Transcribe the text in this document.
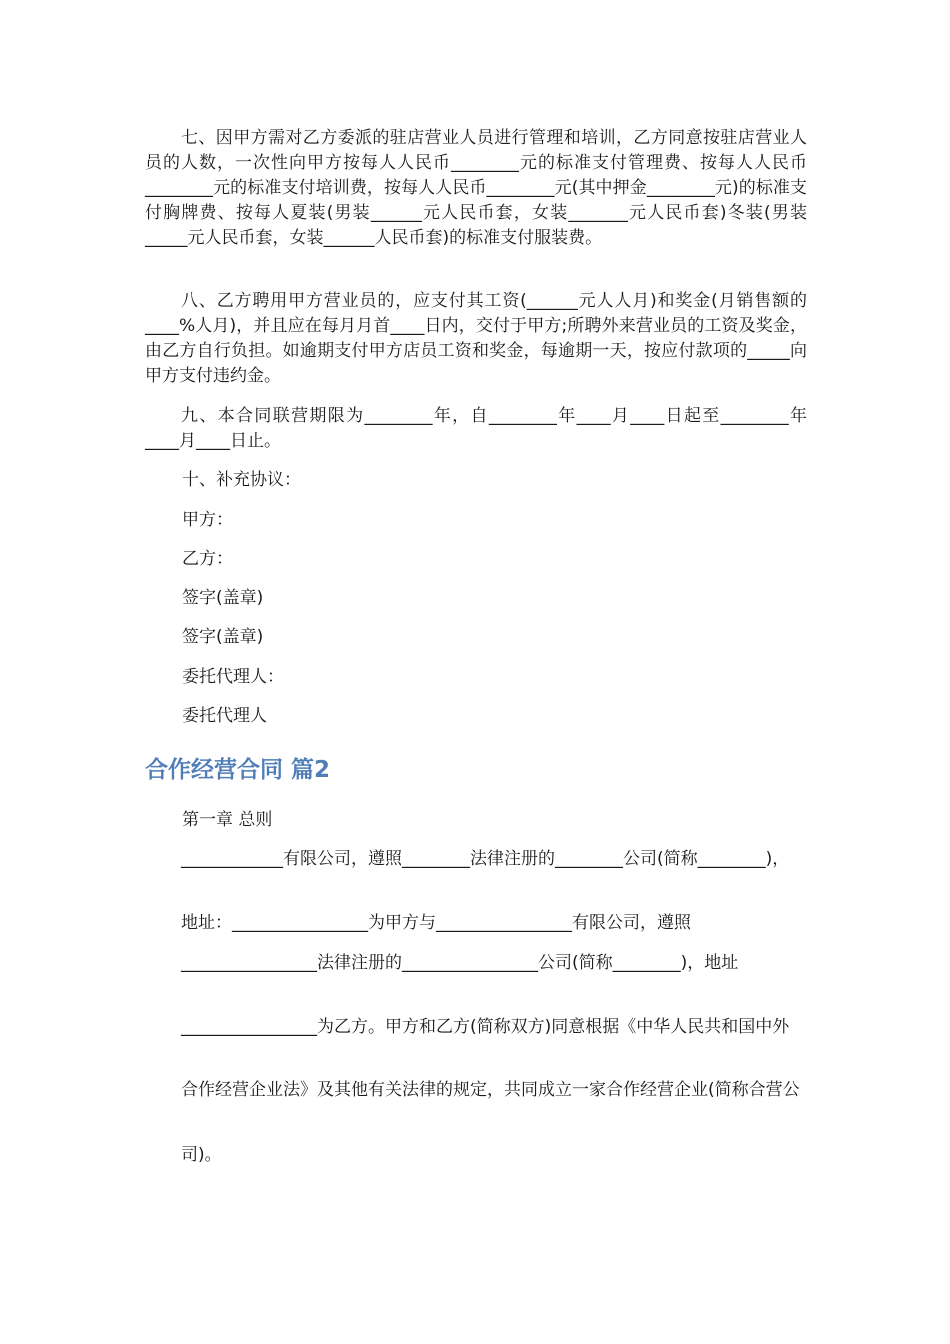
七、因甲方需对乙方委派的驻店营业人员进行管理和培训，乙方同意按驻店营业人员的人数，一次性向甲方按每人人民币________元的标准支付管理费、按每人人民币________元的标准支付培训费，按每人人民币________元(其中押金________元)的标准支付胸牌费、按每人夏装(男装______元人民币套，女装_______元人民币套)冬装(男装_____元人民币套，女装______人民币套)的标准支付服装费。

八、乙方聘用甲方营业员的，应支付其工资(______元人人月)和奖金(月销售额的____%人月)，并且应在每月月首____日内，交付于甲方;所聘外来营业员的工资及奖金，由乙方自行负担。如逾期支付甲方店员工资和奖金，每逾期一天，按应付款项的_____向甲方支付违约金。

九、本合同联营期限为________年，自________年____月____日起至________年____月____日止。

十、补充协议：

甲方：

乙方：

签字(盖章)

签字(盖章)

委托代理人：

委托代理人

合作经营合同 篇2

第一章 总则

____________有限公司，遵照________法律注册的________公司(简称________)，

地址：________________为甲方与________________有限公司，遵照

________________法律注册的________________公司(简称________)，地址

________________为乙方。甲方和乙方(简称双方)同意根据《中华人民共和国中外

合作经营企业法》及其他有关法律的规定，共同成立一家合作经营企业(简称合营公

司)。
